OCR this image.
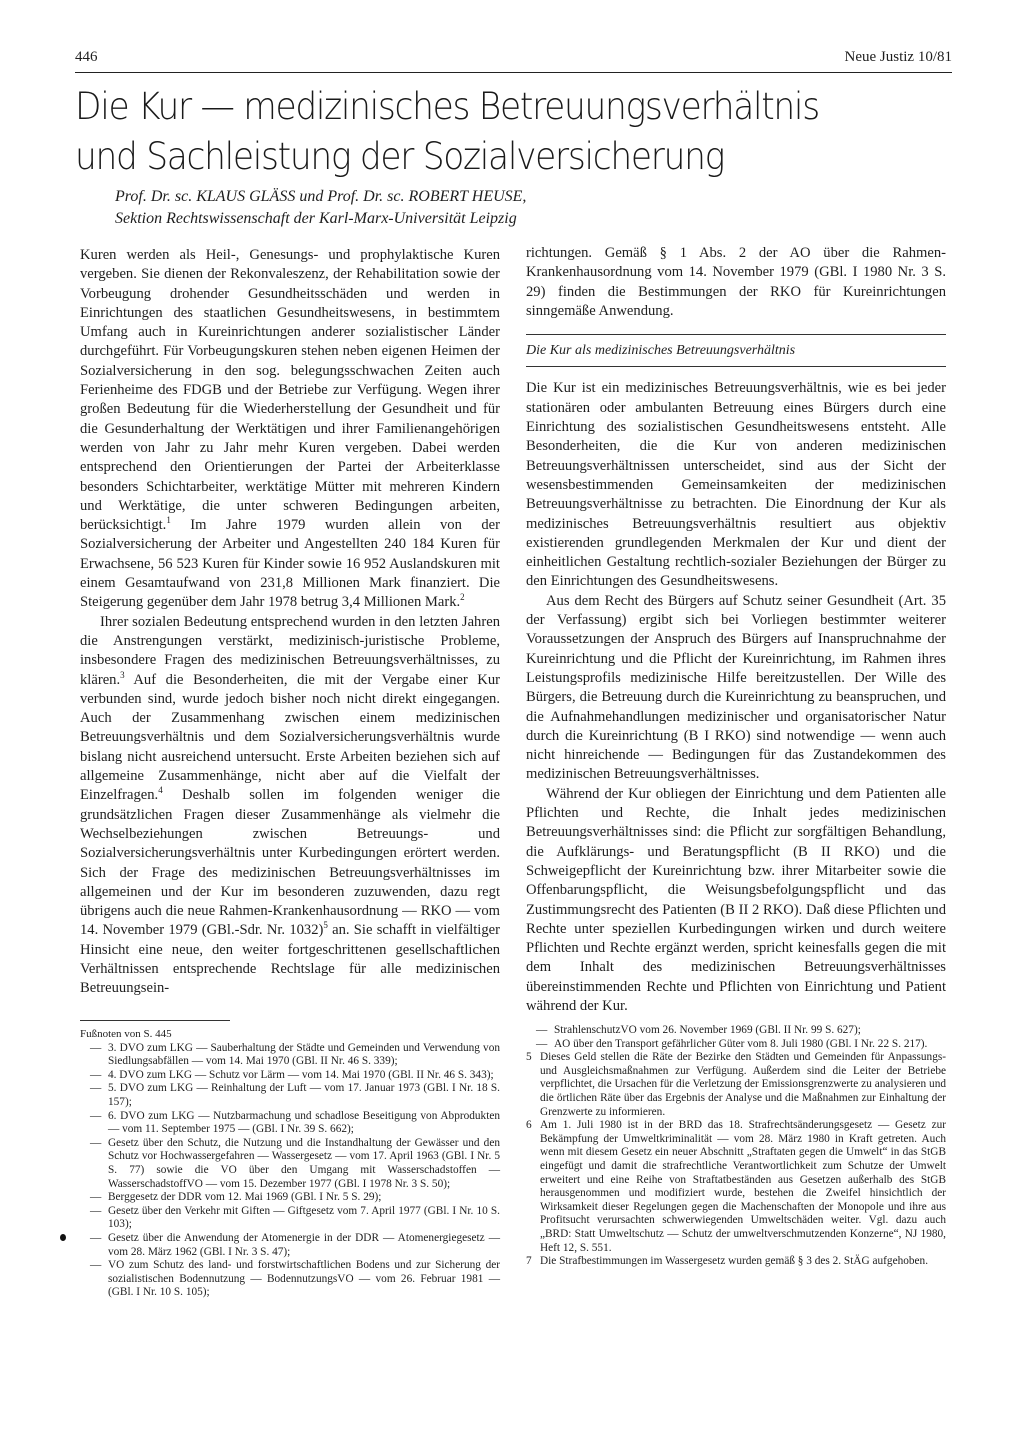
446	Neue Justiz 10/81
Die Kur — medizinisches Betreuungsverhältnis
und Sachleistung der Sozialversicherung
Prof. Dr. sc. KLAUS GLÄSS und Prof. Dr. sc. ROBERT HEUSE,
Sektion Rechtswissenschaft der Karl-Marx-Universität Leipzig

Kuren werden als Heil-, Genesungs- und prophylaktische Kuren vergeben. Sie dienen der Rekonvaleszenz, der Rehabilitation sowie der Vorbeugung drohender Gesundheitsschäden und werden in Einrichtungen des staatlichen Gesundheitswesens, in bestimmtem Umfang auch in Kureinrichtungen anderer sozialistischer Länder durchgeführt. Für Vorbeugungskuren stehen neben eigenen Heimen der Sozialversicherung in den sog. belegungsschwachen Zeiten auch Ferienheime des FDGB und der Betriebe zur Verfügung. Wegen ihrer großen Bedeutung für die Wiederherstellung der Gesundheit und für die Gesunderhaltung der Werktätigen und ihrer Familienangehörigen werden von Jahr zu Jahr mehr Kuren vergeben. Dabei werden entsprechend den Orientierungen der Partei der Arbeiterklasse besonders Schichtarbeiter, werktätige Mütter mit mehreren Kindern und Werktätige, die unter schweren Bedingungen arbeiten, berücksichtigt.$^1$ Im Jahre 1979 wurden allein von der Sozialversicherung der Arbeiter und Angestellten 240 184 Kuren für Erwachsene, 56 523 Kuren für Kinder sowie 16 952 Auslandskuren mit einem Gesamtaufwand von 231,8 Millionen Mark finanziert. Die Steigerung gegenüber dem Jahr 1978 betrug 3,4 Millionen Mark.$^2$

Ihrer sozialen Bedeutung entsprechend wurden in den letzten Jahren die Anstrengungen verstärkt, medizinisch-juristische Probleme, insbesondere Fragen des medizinischen Betreuungsverhältnisses, zu klären.$^3$ Auf die Besonderheiten, die mit der Vergabe einer Kur verbunden sind, wurde jedoch bisher noch nicht direkt eingegangen. Auch der Zusammenhang zwischen einem medizinischen Betreuungsverhältnis und dem Sozialversicherungsverhältnis wurde bislang nicht ausreichend untersucht. Erste Arbeiten beziehen sich auf allgemeine Zusammenhänge, nicht aber auf die Vielfalt der Einzelfragen.$^4$ Deshalb sollen im folgenden weniger die grundsätzlichen Fragen dieser Zusammenhänge als vielmehr die Wechselbeziehungen zwischen Betreuungs- und Sozialversicherungsverhältnis unter Kurbedingungen erörtert werden. Sich der Frage des medizinischen Betreuungsverhältnisses im allgemeinen und der Kur im besonderen zuzuwenden, dazu regt übrigens auch die neue Rahmen-Krankenhausordnung — RKO — vom 14. November 1979 (GBl.-Sdr. Nr. 1032)$^5$ an. Sie schafft in vielfältiger Hinsicht eine neue, den weiter fortgeschrittenen gesellschaftlichen Verhältnissen entsprechende Rechtslage für alle medizinischen Betreuungsein-

richtungen. Gemäß § 1 Abs. 2 der AO über die Rahmen-Krankenhausordnung vom 14. November 1979 (GBl. I 1980 Nr. 3 S. 29) finden die Bestimmungen der RKO für Kureinrichtungen sinngemäße Anwendung.

Die Kur als medizinisches Betreuungsverhältnis

Die Kur ist ein medizinisches Betreuungsverhältnis, wie es bei jeder stationären oder ambulanten Betreuung eines Bürgers durch eine Einrichtung des sozialistischen Gesundheitswesens entsteht. Alle Besonderheiten, die die Kur von anderen medizinischen Betreuungsverhältnissen unterscheidet, sind aus der Sicht der wesensbestimmenden Gemeinsamkeiten der medizinischen Betreuungsverhältnisse zu betrachten. Die Einordnung der Kur als medizinisches Betreuungsverhältnis resultiert aus objektiv existierenden grundlegenden Merkmalen der Kur und dient der einheitlichen Gestaltung rechtlich-sozialer Beziehungen der Bürger zu den Einrichtungen des Gesundheitswesens.

Aus dem Recht des Bürgers auf Schutz seiner Gesundheit (Art. 35 der Verfassung) ergibt sich bei Vorliegen bestimmter weiterer Voraussetzungen der Anspruch des Bürgers auf Inanspruchnahme der Kureinrichtung und die Pflicht der Kureinrichtung, im Rahmen ihres Leistungsprofils medizinische Hilfe bereitzustellen. Der Wille des Bürgers, die Betreuung durch die Kureinrichtung zu beanspruchen, und die Aufnahmehandlungen medizinischer und organisatorischer Natur durch die Kureinrichtung (B I RKO) sind notwendige — wenn auch nicht hinreichende — Bedingungen für das Zustandekommen des medizinischen Betreuungsverhältnisses.

Während der Kur obliegen der Einrichtung und dem Patienten alle Pflichten und Rechte, die Inhalt jedes medizinischen Betreuungsverhältnisses sind: die Pflicht zur sorgfältigen Behandlung, die Aufklärungs- und Beratungspflicht (B II RKO) und die Schweigepflicht der Kureinrichtung bzw. ihrer Mitarbeiter sowie die Offenbarungspflicht, die Weisungsbefolgungspflicht und das Zustimmungsrecht des Patienten (B II 2 RKO). Daß diese Pflichten und Rechte unter speziellen Kurbedingungen wirken und durch weitere Pflichten und Rechte ergänzt werden, spricht keinesfalls gegen die mit dem Inhalt des medizinischen Betreuungsverhältnisses übereinstimmenden Rechte und Pflichten von Einrichtung und Patient während der Kur.

Fußnoten von S. 445

— 3. DVO zum LKG — Sauberhaltung der Städte und Gemeinden und Verwendung von Siedlungsabfällen — vom 14. Mai 1970 (GBl. II Nr. 46 S. 339);
— 4. DVO zum LKG — Schutz vor Lärm — vom 14. Mai 1970 (GBl. II Nr. 46 S. 343);
— 5. DVO zum LKG — Reinhaltung der Luft — vom 17. Januar 1973 (GBl. I Nr. 18 S. 157);
— 6. DVO zum LKG — Nutzbarmachung und schadlose Beseitigung von Abprodukten — vom 11. September 1975 — (GBl. I Nr. 39 S. 662);
— Gesetz über den Schutz, die Nutzung und die Instandhaltung der Gewässer und den Schutz vor Hochwassergefahren — Wassergesetz — vom 17. April 1963 (GBl. I Nr. 5 S. 77) sowie die VO über den Umgang mit Wasserschadstoffen — WasserschadstoffVO — vom 15. Dezember 1977 (GBl. I 1978 Nr. 3 S. 50);
— Berggesetz der DDR vom 12. Mai 1969 (GBl. I Nr. 5 S. 29);
— Gesetz über den Verkehr mit Giften — Giftgesetz vom 7. April 1977 (GBl. I Nr. 10 S. 103);
— Gesetz über die Anwendung der Atomenergie in der DDR — Atomenergiegesetz — vom 28. März 1962 (GBl. I Nr. 3 S. 47);
— VO zum Schutz des land- und forstwirtschaftlichen Bodens und zur Sicherung der sozialistischen Bodennutzung — BodennutzungsVO — vom 26. Februar 1981 — (GBl. I Nr. 10 S. 105);
— StrahlenschutzVO vom 26. November 1969 (GBl. II Nr. 99 S. 627);
— AO über den Transport gefährlicher Güter vom 8. Juli 1980 (GBl. I Nr. 22 S. 217).
5 Dieses Geld stellen die Räte der Bezirke den Städten und Gemeinden für Anpassungs- und Ausgleichsmaßnahmen zur Verfügung. Außerdem sind die Leiter der Betriebe verpflichtet, die Ursachen für die Verletzung der Emissionsgrenzwerte zu analysieren und die örtlichen Räte über das Ergebnis der Analyse und die Maßnahmen zur Einhaltung der Grenzwerte zu informieren.
6 Am 1. Juli 1980 ist in der BRD das 18. Strafrechtsänderungsgesetz — Gesetz zur Bekämpfung der Umweltkriminalität — vom 28. März 1980 in Kraft getreten. Auch wenn mit diesem Gesetz ein neuer Abschnitt „Straftaten gegen die Umwelt“ in das StGB eingefügt und damit die strafrechtliche Verantwortlichkeit zum Schutze der Umwelt erweitert und eine Reihe von Straftatbeständen aus Gesetzen außerhalb des StGB herausgenommen und modifiziert wurde, bestehen die Zweifel hinsichtlich der Wirksamkeit dieser Regelungen gegen die Machenschaften der Monopole und ihre aus Profitsucht verursachten schwerwiegenden Umweltschäden weiter. Vgl. dazu auch „BRD: Statt Umweltschutz — Schutz der umweltverschmutzenden Konzerne“, NJ 1980, Heft 12, S. 551.
7 Die Strafbestimmungen im Wassergesetz wurden gemäß § 3 des 2. StÄG aufgehoben.
